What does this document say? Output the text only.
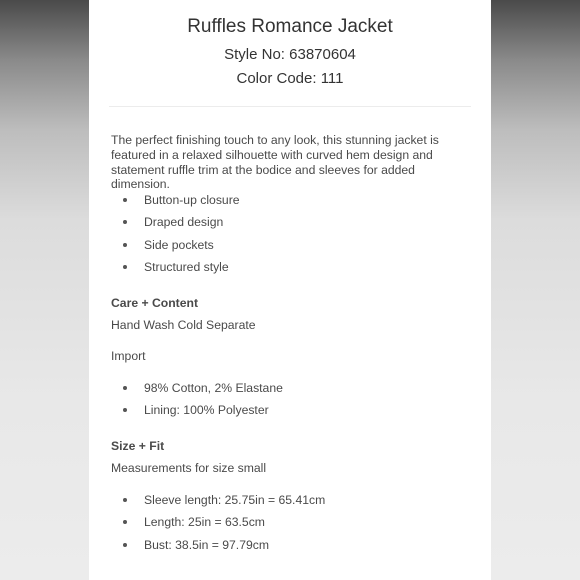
Ruffles Romance Jacket
Style No: 63870604
Color Code: 111
The perfect finishing touch to any look, this stunning jacket is featured in a relaxed silhouette with curved hem design and statement ruffle trim at the bodice and sleeves for added dimension.
Button-up closure
Draped design
Side pockets
Structured style
Care + Content
Hand Wash Cold Separate
Import
98% Cotton, 2% Elastane
Lining: 100% Polyester
Size + Fit
Measurements for size small
Sleeve length: 25.75in = 65.41cm
Length: 25in = 63.5cm
Bust: 38.5in = 97.79cm
